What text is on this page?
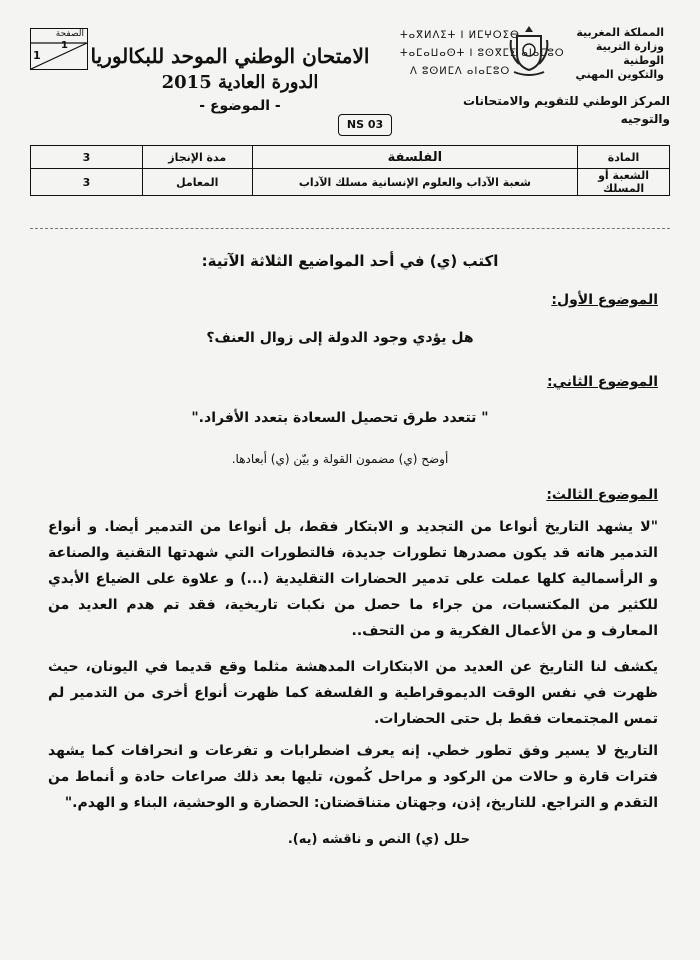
الصفحة
1
1	الامتحان الوطني الموحد للبكالوريا
الدورة العادية 2015
- الموضوع -
NS 03
ⵜⴰⴳⵍⴷⵉⵜ ⵏ ⵍⵎⵖⵔⵉⴱ
ⵜⴰⵎⴰⵡⴰⵙⵜ ⵏ ⵓⵙⴳⵎⵉ ⴰⵏⴰⵎⵓⵔ
ⴷ ⵓⵙⵍⵎⴷ ⴰⵏⴰⵎⵓⵔ
المملكة المغربية
وزارة التربية الوطنية
والتكوين المهني
المركز الوطني للتقويم والامتحانات
والتوجيه
المادة	الفلسفة	مدة الإنجاز	3
الشعبة أو المسلك	شعبة الآداب والعلوم الإنسانية مسلك الآداب	المعامل	3
اكتب (ي) في أحد المواضيع الثلاثة الآتية:
الموضوع الأول:
هل يؤدي وجود الدولة إلى زوال العنف؟
الموضوع الثاني:
" تتعدد طرق تحصيل السعادة بتعدد الأفراد."
أوضح (ي) مضمون القولة و بيّن (ي) أبعادها.
الموضوع الثالث:
"لا يشهد التاريخ أنواعا من التجديد و الابتكار فقط، بل أنواعا من التدمير أيضا. و أنواع التدمير هاته قد يكون مصدرها تطورات جديدة، فالتطورات التي شهدتها التقنية والصناعة و الرأسمالية كلها عملت على تدمير الحضارات التقليدية (...) و علاوة على الضياع الأبدي للكثير من المكتسبات، من جراء ما حصل من نكبات تاريخية، فقد تم هدم العديد من المعارف و من الأعمال الفكرية و من التحف..
يكشف لنا التاريخ عن العديد من الابتكارات المدهشة مثلما وقع قديما في اليونان، حيث ظهرت في نفس الوقت الديموقراطية و الفلسفة كما ظهرت أنواع أخرى من التدمير لم تمس المجتمعات فقط بل حتى الحضارات.
التاريخ لا يسير وفق تطور خطي. إنه يعرف اضطرابات و تفرعات و انحرافات كما يشهد فترات قارة و حالات من الركود و مراحل كُمون، تليها بعد ذلك صراعات حادة و أنماط من التقدم و التراجع. للتاريخ، إذن، وجهتان متناقضتان: الحضارة و الوحشية، البناء و الهدم."
حلل (ي) النص و ناقشه (يه).
